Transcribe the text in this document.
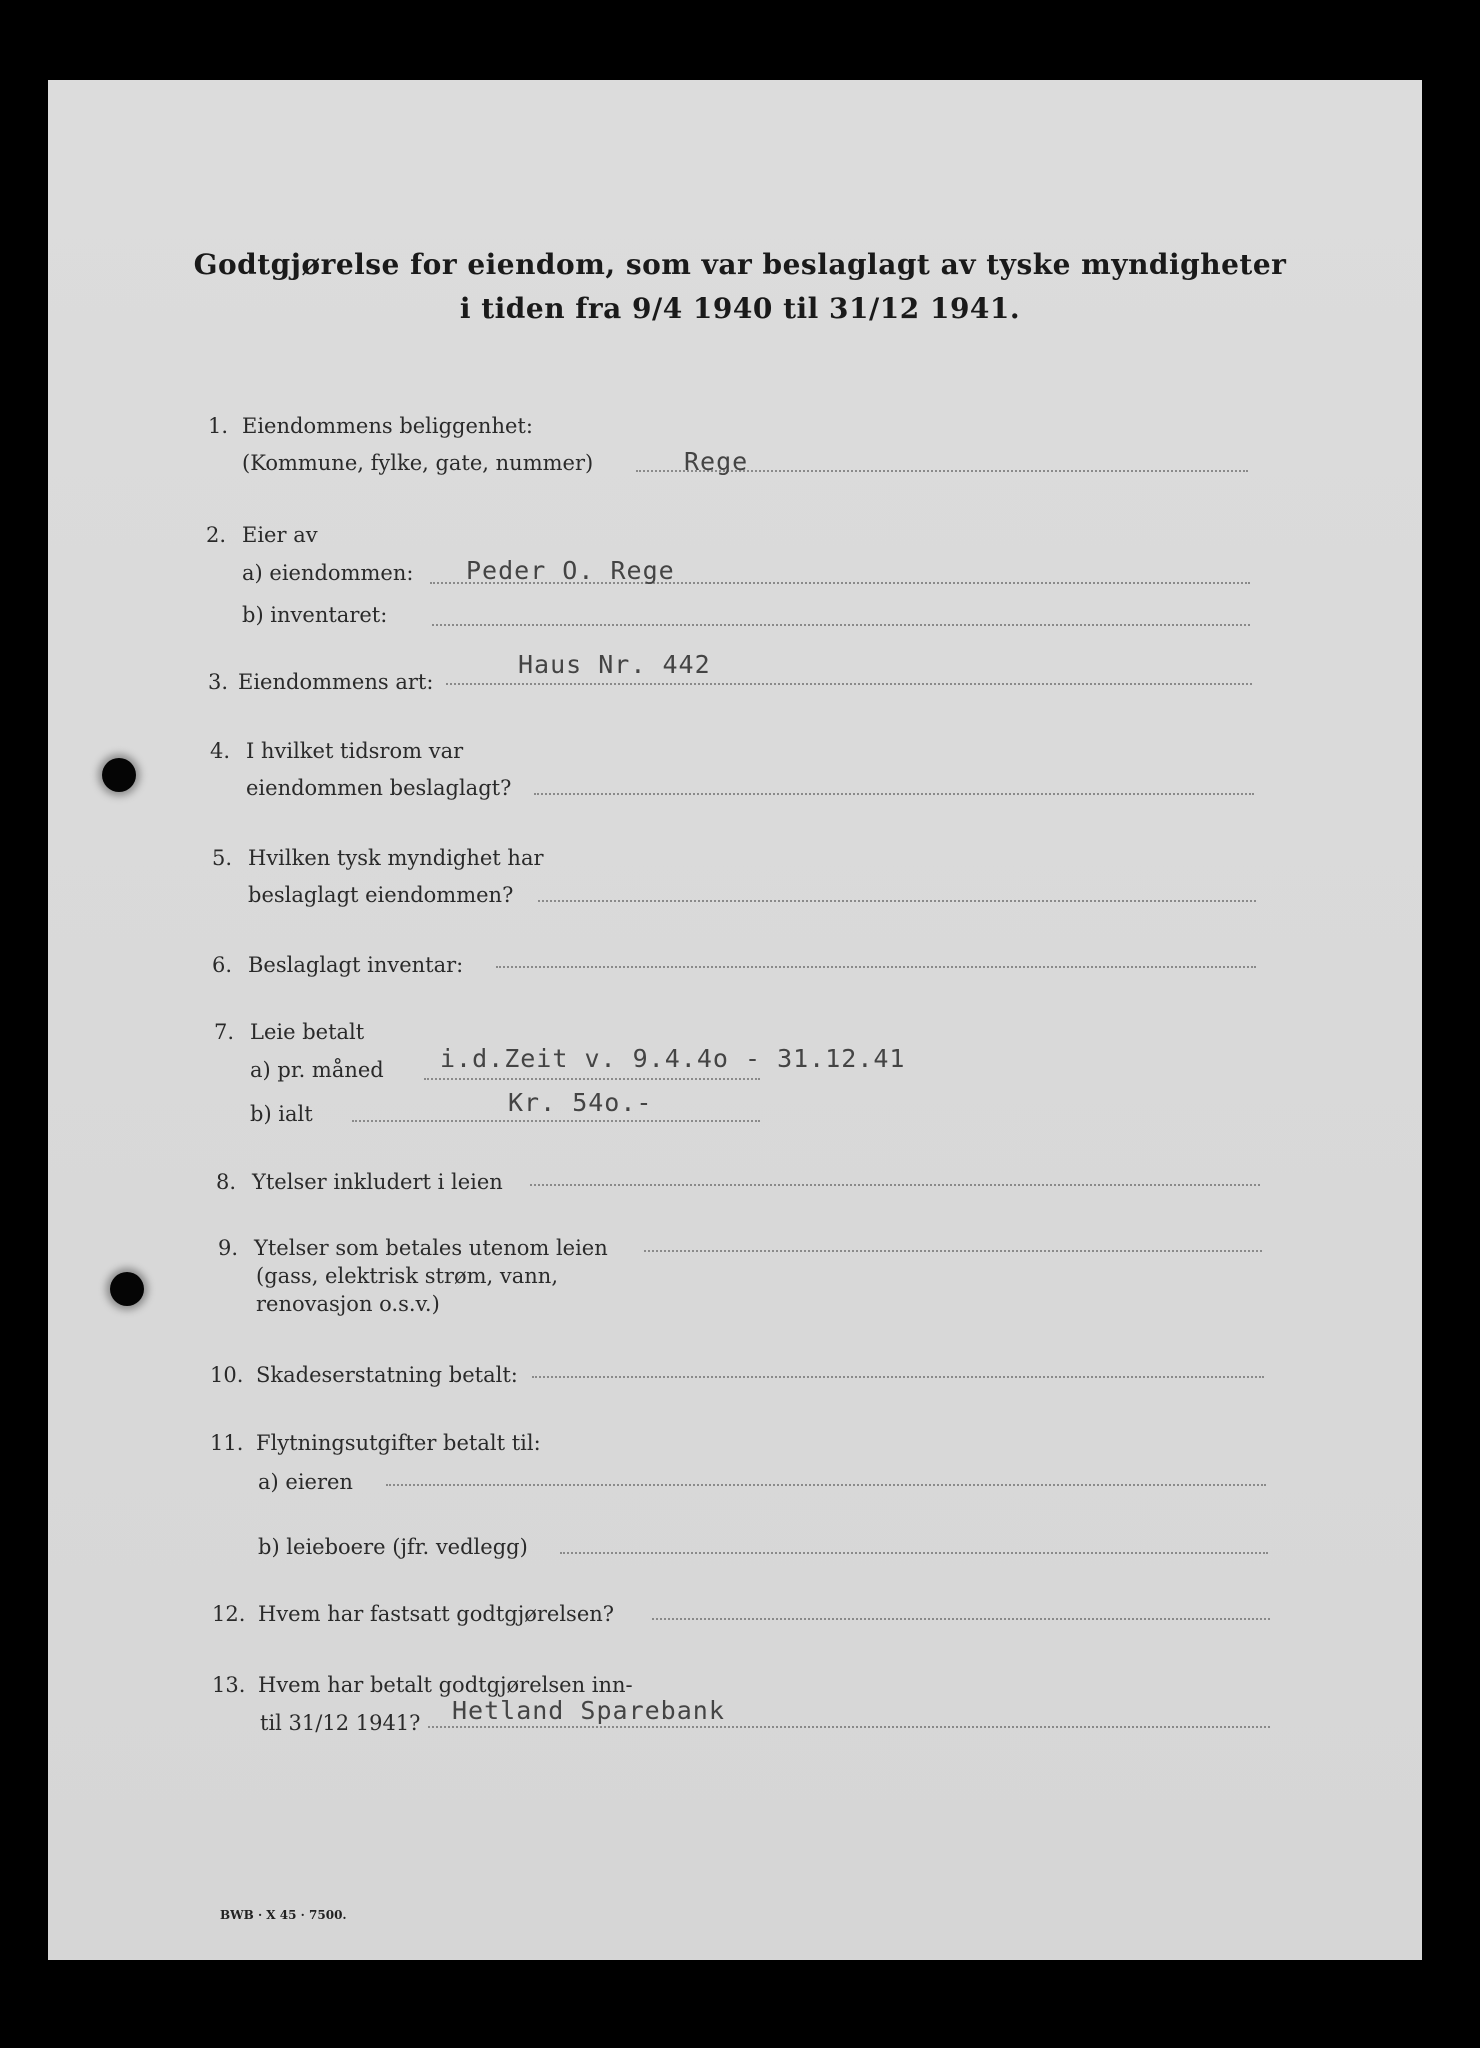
Godtgjørelse for eiendom, som var beslaglagt av tyske myndigheter
i tiden fra 9/4 1940 til 31/12 1941.
1. Eiendommens beliggenhet:
(Kommune, fylke, gate, nummer)	Rege
2. Eier av
a) eiendommen: Peder O. Rege
b) inventaret:
3. Eiendommens art:
Haus Nr. 442
4. I hvilket tidsrom var
eiendommen beslaglagt?
5. Hvilken tysk myndighet har
beslaglagt eiendommen?
6. Beslaglagt inventar:
7. Leie betalt
a) pr. måned i.d.Zeit v. 9.4.4o - 31.12.41
b) ialt	Kr. 54o.-
8. Ytelser inkludert i leien
9. Ytelser som betales utenom leien
(gass, elektrisk strøm, vann,
renovasjon o.s.v.)
10. Skadeserstatning betalt:
11. Flytningsutgifter betalt til:
a) eieren
b) leieboere (jfr. vedlegg)
12. Hvem har fastsatt godtgjørelsen?
13. Hvem har betalt godtgjørelsen inn-
til 31/12 1941? Hetland Sparebank
BWB · X 45 · 7500.
